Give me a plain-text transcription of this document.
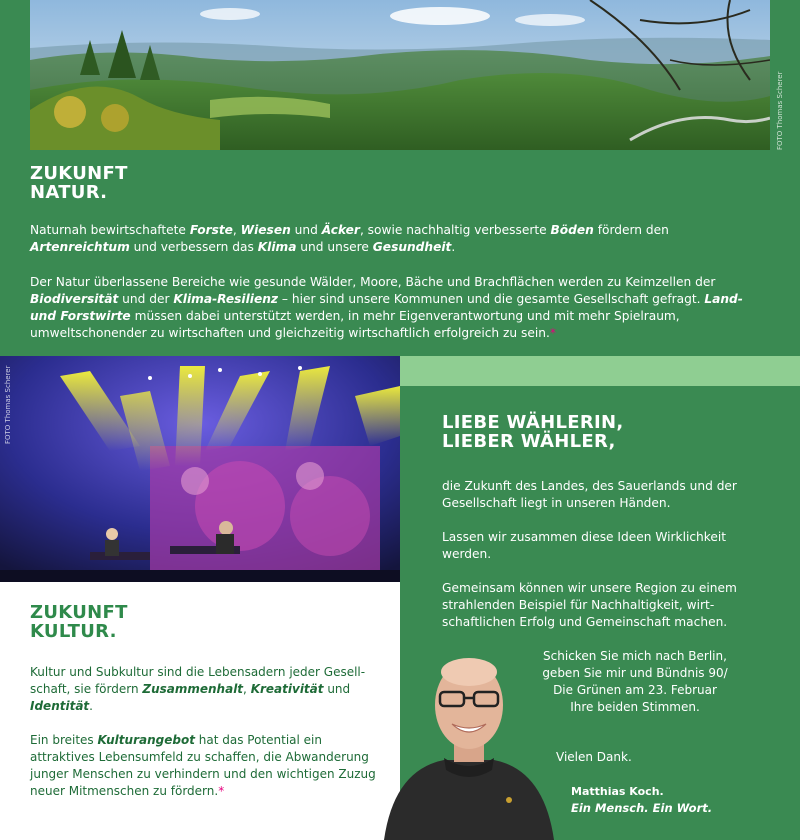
FOTO Thomas Scherer
ZUKUNFT
NATUR.

Naturnah bewirtschaftete Forste, Wiesen und Äcker, sowie nachhaltig verbesserte Böden fördern den Artenreichtum und verbessern das Klima und unsere Gesundheit.

Der Natur überlassene Bereiche wie gesunde Wälder, Moore, Bäche und Brachflächen werden zu Keimzellen der Biodiversität und der Klima-Resilienz – hier sind unsere Kommunen und die gesamte Gesellschaft gefragt. Land- und Forstwirte müssen dabei unterstützt werden, in mehr Eigenverantwortung und mit mehr Spielraum, umweltschonender zu wirtschaften und gleichzeitig wirtschaftlich erfolgreich zu sein.*

FOTO Thomas Scherer
ZUKUNFT
KULTUR.

Kultur und Subkultur sind die Lebensadern jeder Gesell-schaft, sie fördern Zusammenhalt, Kreativität und Identität.

Ein breites Kulturangebot hat das Potential ein attraktives Lebensumfeld zu schaffen, die Abwanderung junger Menschen zu verhindern und den wichtigen Zuzug neuer Mitmenschen zu fördern.*

LIEBE WÄHLERIN,
LIEBER WÄHLER,

die Zukunft des Landes, des Sauerlands und der Gesellschaft liegt in unseren Händen.

Lassen wir zusammen diese Ideen Wirklichkeit werden.

Gemeinsam können wir unsere Region zu einem strahlenden Beispiel für Nachhaltigkeit, wirt-schaftlichen Erfolg und Gemeinschaft machen.

Schicken Sie mich nach Berlin,
geben Sie mir und Bündnis 90/
Die Grünen am 23. Februar
Ihre beiden Stimmen.
Vielen Dank.
Matthias Koch.
Ein Mensch. Ein Wort.
